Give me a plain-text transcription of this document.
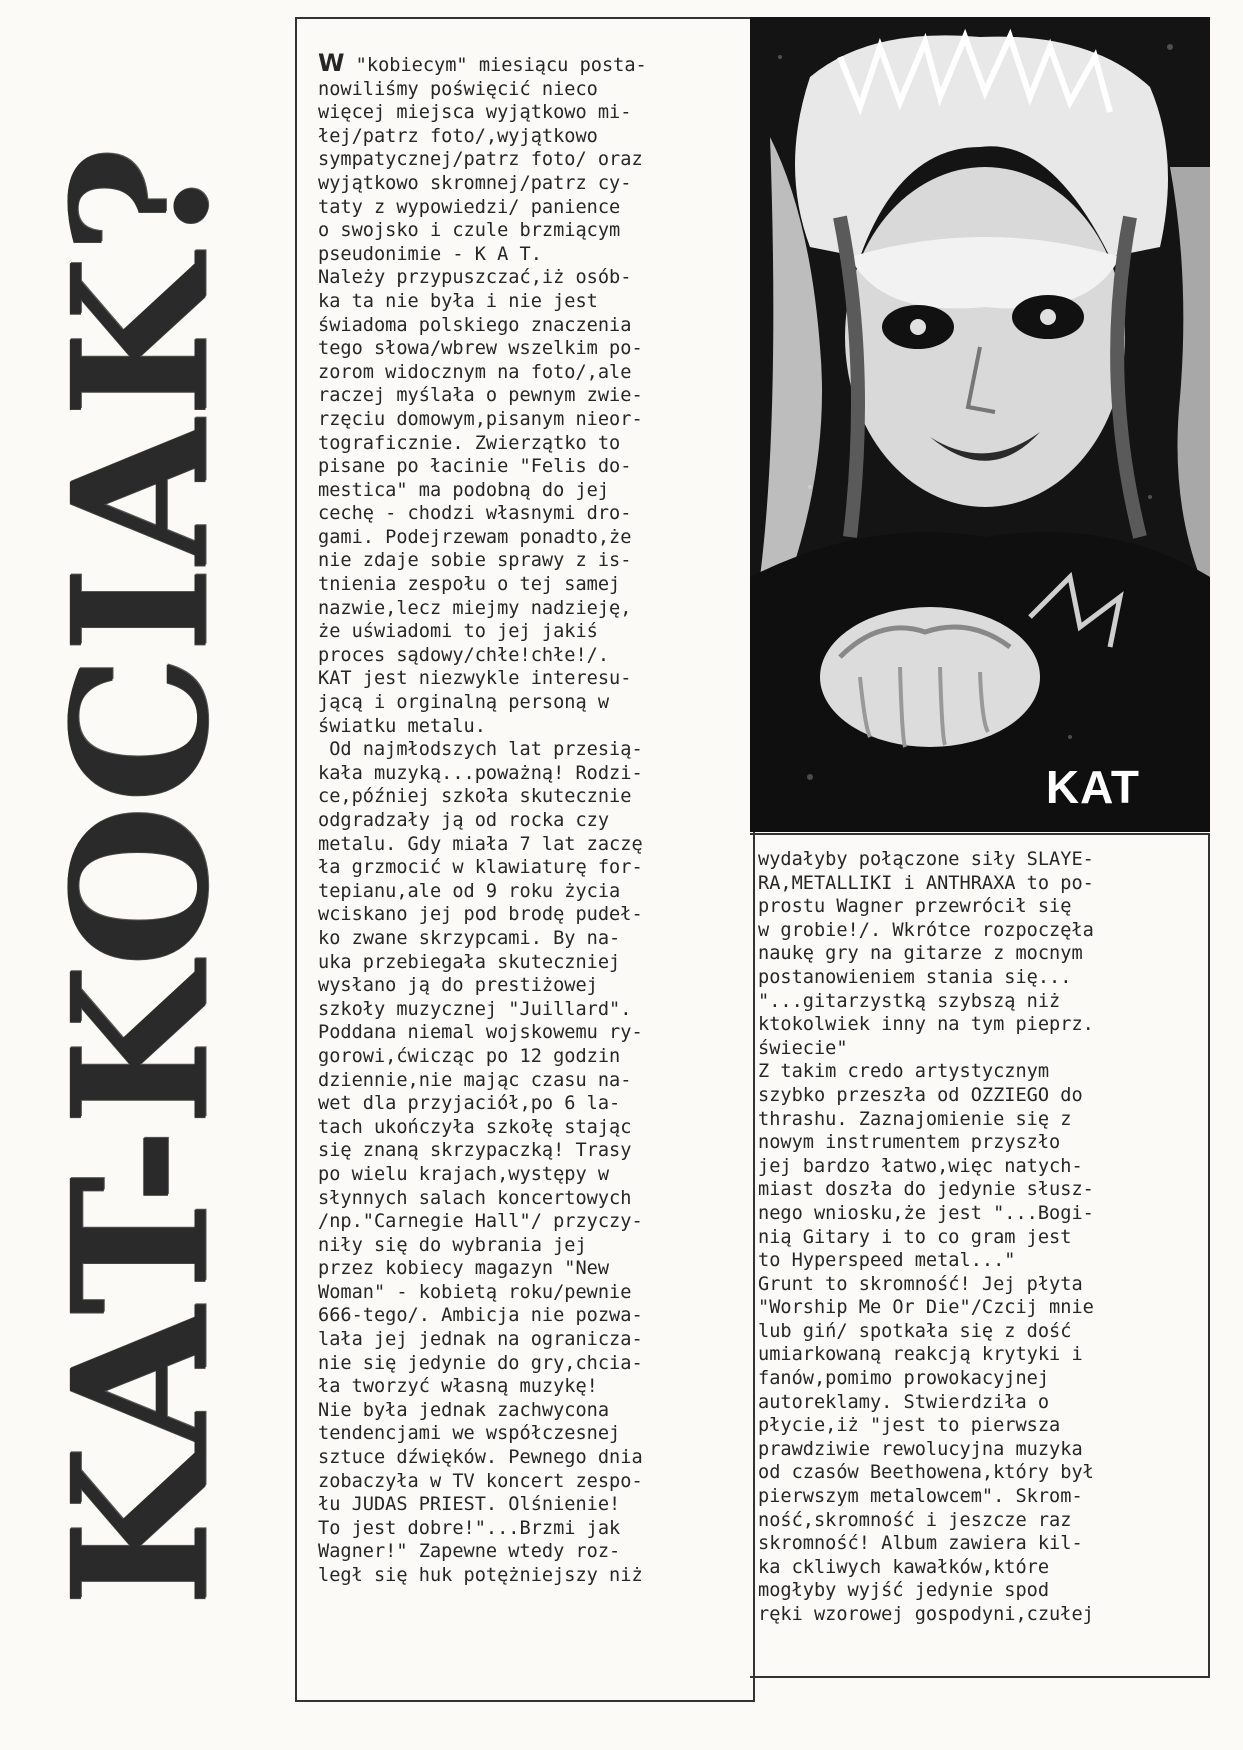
KAT-KOCIAK?
W "kobiecym" miesiącu posta-
nowiliśmy poświęcić nieco
więcej miejsca wyjątkowo mi-
łej/patrz foto/,wyjątkowo
sympatycznej/patrz foto/ oraz
wyjątkowo skromnej/patrz cy-
taty z wypowiedzi/ panience
o swojsko i czule brzmiącym
pseudonimie - K A T.
Należy przypuszczać,iż osób-
ka ta nie była i nie jest
świadoma polskiego znaczenia
tego słowa/wbrew wszelkim po-
zorom widocznym na foto/,ale
raczej myślała o pewnym zwie-
rzęciu domowym,pisanym nieor-
tograficznie. Zwierzątko to
pisane po łacinie "Felis do-
mestica" ma podobną do jej
cechę - chodzi własnymi dro-
gami. Podejrzewam ponadto,że
nie zdaje sobie sprawy z is-
tnienia zespołu o tej samej
nazwie,lecz miejmy nadzieję,
że uświadomi to jej jakiś
proces sądowy/chłe!chłe!/.
KAT jest niezwykle interesu-
jącą i orginalną personą w
światku metalu.
Od najmłodszych lat przesią-
kała muzyką...poważną! Rodzi-
ce,później szkoła skutecznie
odgradzały ją od rocka czy
metalu. Gdy miała 7 lat zaczę
ła grzmocić w klawiaturę for-
tepianu,ale od 9 roku życia
wciskano jej pod brodę pudeł-
ko zwane skrzypcami. By na-
uka przebiegała skuteczniej
wysłano ją do prestiżowej
szkoły muzycznej "Juillard".
Poddana niemal wojskowemu ry-
gorowi,ćwicząc po 12 godzin
dziennie,nie mając czasu na-
wet dla przyjaciół,po 6 la-
tach ukończyła szkołę stając
się znaną skrzypaczką! Trasy
po wielu krajach,występy w
słynnych salach koncertowych
/np."Carnegie Hall"/ przyczy-
niły się do wybrania jej
przez kobiecy magazyn "New
Woman" - kobietą roku/pewnie
666-tego/. Ambicja nie pozwa-
lała jej jednak na ogranicza-
nie się jedynie do gry,chcia-
ła tworzyć własną muzykę!
Nie była jednak zachwycona
tendencjami we współczesnej
sztuce dźwięków. Pewnego dnia
zobaczyła w TV koncert zespo-
łu JUDAS PRIEST. Olśnienie!
To jest dobre!"...Brzmi jak
Wagner!" Zapewne wtedy roz-
legł się huk potężniejszy niż
KAT
wydałyby połączone siły SLAYE-
RA,METALLIKI i ANTHRAXA to po-
prostu Wagner przewrócił się
w grobie!/. Wkrótce rozpoczęła
naukę gry na gitarze z mocnym
postanowieniem stania się...
"...gitarzystką szybszą niż
ktokolwiek inny na tym pieprz.
świecie"
Z takim credo artystycznym
szybko przeszła od OZZIEGO do
thrashu. Zaznajomienie się z
nowym instrumentem przyszło
jej bardzo łatwo,więc natych-
miast doszła do jedynie słusz-
nego wniosku,że jest "...Bogi-
nią Gitary i to co gram jest
to Hyperspeed metal..."
Grunt to skromność! Jej płyta
"Worship Me Or Die"/Czcij mnie
lub giń/ spotkała się z dość
umiarkowaną reakcją krytyki i
fanów,pomimo prowokacyjnej
autoreklamy. Stwierdziła o
płycie,iż "jest to pierwsza
prawdziwie rewolucyjna muzyka
od czasów Beethowena,który był
pierwszym metalowcem". Skrom-
ność,skromność i jeszcze raz
skromność! Album zawiera kil-
ka ckliwych kawałków,które
mogłyby wyjść jedynie spod
ręki wzorowej gospodyni,czułej
